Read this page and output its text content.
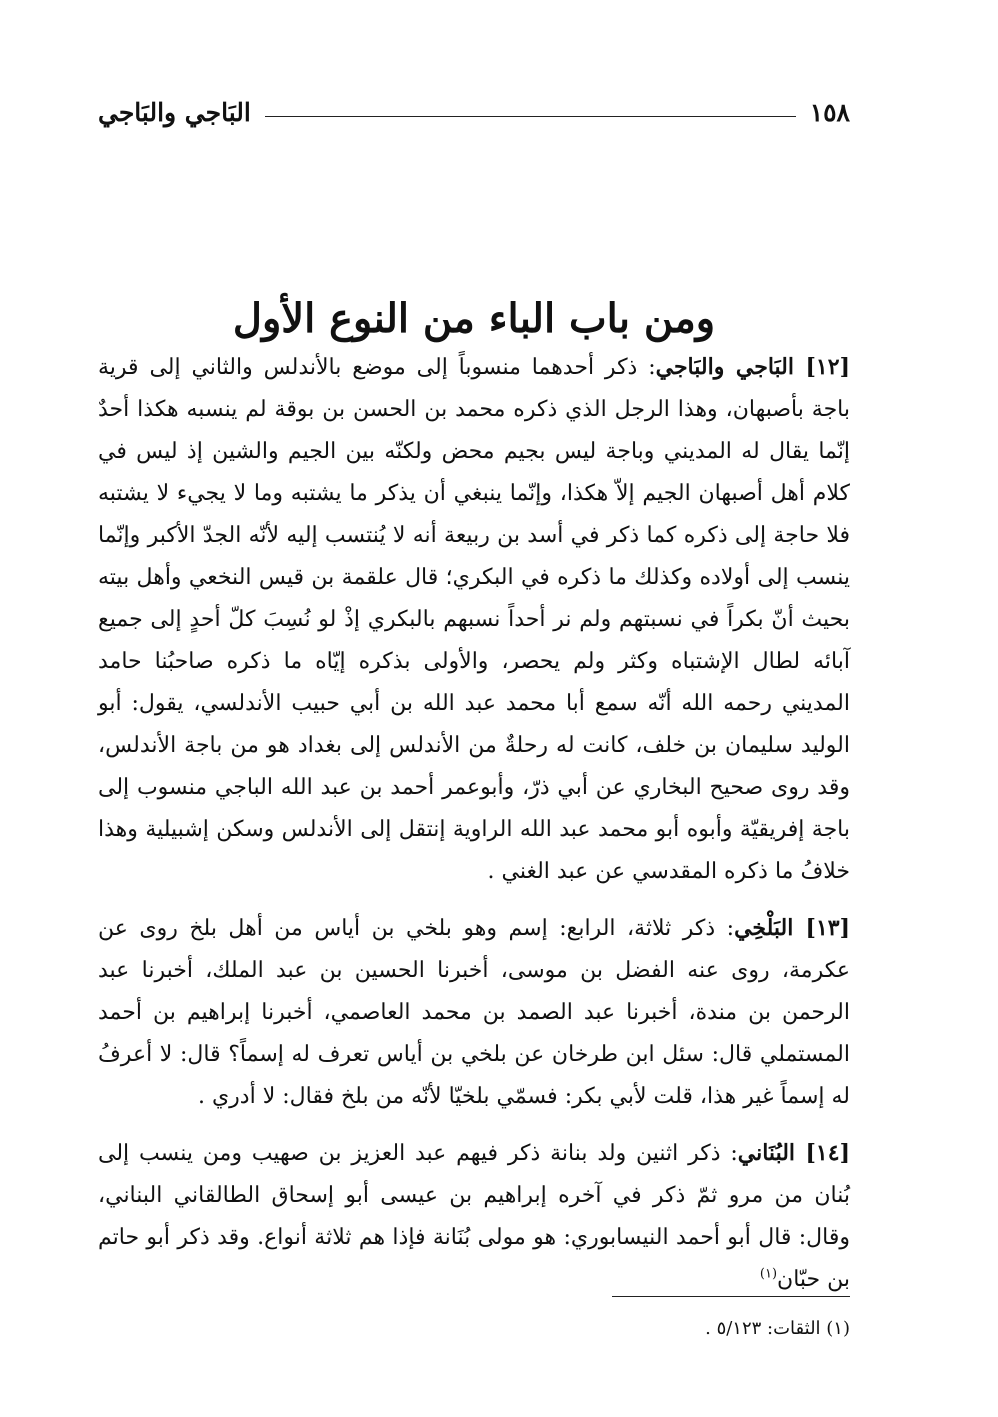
١٥٨
البَاجي والبَاجي
ومن باب الباء من النوع الأول

[١٢] البَاجي والبَاجي: ذكر أحدهما منسوباً إلى موضع بالأندلس والثاني إلى قرية باجة بأصبهان، وهذا الرجل الذي ذكره محمد بن الحسن بن بوقة لم ينسبه هكذا أحدٌ إنّما يقال له المديني وباجة ليس بجيم محض ولكنّه بين الجيم والشين إذ ليس في كلام أهل أصبهان الجيم إلاّ هكذا، وإنّما ينبغي أن يذكر ما يشتبه وما لا يجيء لا يشتبه فلا حاجة إلى ذكره كما ذكر في أسد بن ربيعة أنه لا يُنتسب إليه لأنّه الجدّ الأكبر وإنّما ينسب إلى أولاده وكذلك ما ذكره في البكري؛ قال علقمة بن قيس النخعي وأهل بيته بحيث أنّ بكراً في نسبتهم ولم نر أحداً نسبهم بالبكري إذْ لو نُسِبَ كلّ أحدٍ إلى جميع آبائه لطال الإشتباه وكثر ولم يحصر، والأولى بذكره إيّاه ما ذكره صاحبُنا حامد المديني رحمه الله أنّه سمع أبا محمد عبد الله بن أبي حبيب الأندلسي، يقول: أبو الوليد سليمان بن خلف، كانت له رحلةٌ من الأندلس إلى بغداد هو من باجة الأندلس، وقد روى صحيح البخاري عن أبي ذرّ، وأبوعمر أحمد بن عبد الله الباجي منسوب إلى باجة إفريقيّة وأبوه أبو محمد عبد الله الراوية إنتقل إلى الأندلس وسكن إشبيلية وهذا خلافُ ما ذكره المقدسي عن عبد الغني .

[١٣] البَلْخِي: ذكر ثلاثة، الرابع: إسم وهو بلخي بن أياس من أهل بلخ روى عن عكرمة، روى عنه الفضل بن موسى، أخبرنا الحسين بن عبد الملك، أخبرنا عبد الرحمن بن مندة، أخبرنا عبد الصمد بن محمد العاصمي، أخبرنا إبراهيم بن أحمد المستملي قال: سئل ابن طرخان عن بلخي بن أياس تعرف له إسماً؟ قال: لا أعرفُ له إسماً غير هذا، قلت لأبي بكر: فسمّي بلخيّا لأنّه من بلخ فقال: لا أدري .

[١٤] البُنَاني: ذكر اثنين ولد بنانة ذكر فيهم عبد العزيز بن صهيب ومن ينسب إلى بُنان من مرو ثمّ ذكر في آخره إبراهيم بن عيسى أبو إسحاق الطالقاني البناني، وقال: قال أبو أحمد النيسابوري: هو مولى بُنَانة فإذا هم ثلاثة أنواع. وقد ذكر أبو حاتم بن حبّان$^{(١)}$

(١) الثقات: ٥/١٢٣ .
